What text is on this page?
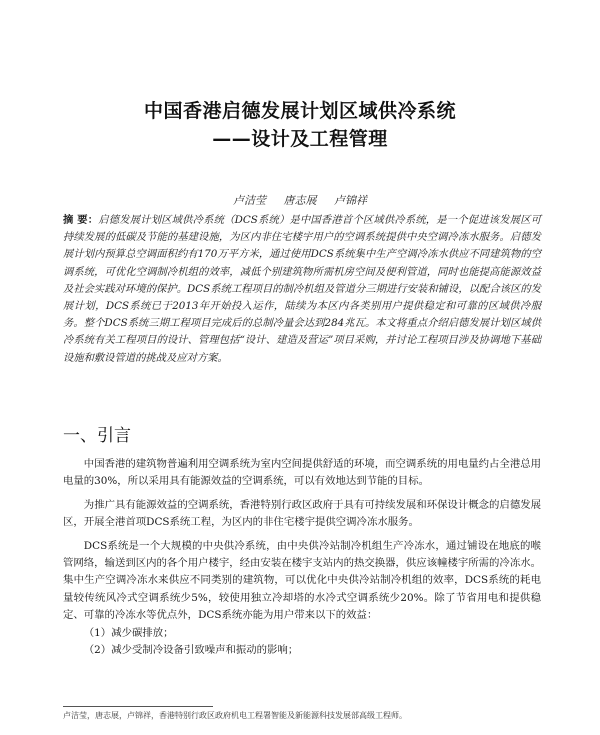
中国香港启德发展计划区域供冷系统
——设计及工程管理
卢洁莹 唐志展 卢锦祥
摘 要：启德发展计划区域供冷系统（DCS系统）是中国香港首个区域供冷系统，是一个促进该发展区可持续发展的低碳及节能的基建设施，为区内非住宅楼宇用户的空调系统提供中央空调冷冻水服务。启德发展计划内预算总空调面积约有170万平方米，通过使用DCS系统集中生产空调冷冻水供应不同建筑物的空调系统，可优化空调制冷机组的效率，减低个别建筑物所需机房空间及便利管道，同时也能提高能源效益及社会实践对环境的保护。DCS系统工程项目的制冷机组及管道分三期进行安装和铺设，以配合该区的发展计划，DCS系统已于2013年开始投入运作，陆续为本区内各类别用户提供稳定和可靠的区域供冷服务。整个DCS系统三期工程项目完成后的总制冷量会达到284兆瓦。本文将重点介绍启德发展计划区域供冷系统有关工程项目的设计、管理包括“设计、建造及营运”项目采购，并讨论工程项目涉及协调地下基础设施和敷设管道的挑战及应对方案。
一、引言

中国香港的建筑物普遍利用空调系统为室内空间提供舒适的环境，而空调系统的用电量约占全港总用电量的30%，所以采用具有能源效益的空调系统，可以有效地达到节能的目标。

为推广具有能源效益的空调系统，香港特别行政区政府于具有可持续发展和环保设计概念的启德发展区，开展全港首项DCS系统工程，为区内的非住宅楼宇提供空调冷冻水服务。

DCS系统是一个大规模的中央供冷系统，由中央供冷站制冷机组生产冷冻水，通过铺设在地底的喉管网络，输送到区内的各个用户楼宇，经由安装在楼宇支站内的热交换器，供应该幢楼宇所需的冷冻水。集中生产空调冷冻水来供应不同类别的建筑物，可以优化中央供冷站制冷机组的效率，DCS系统的耗电量较传统风冷式空调系统少5%，较使用独立冷却塔的水冷式空调系统少20%。除了节省用电和提供稳定、可靠的冷冻水等优点外，DCS系统亦能为用户带来以下的效益：

（1）减少碳排放；

（2）减少受制冷设备引致噪声和振动的影响；

卢洁莹，唐志展，卢锦祥，香港特别行政区政府机电工程署智能及新能源科技发展部高级工程师。
